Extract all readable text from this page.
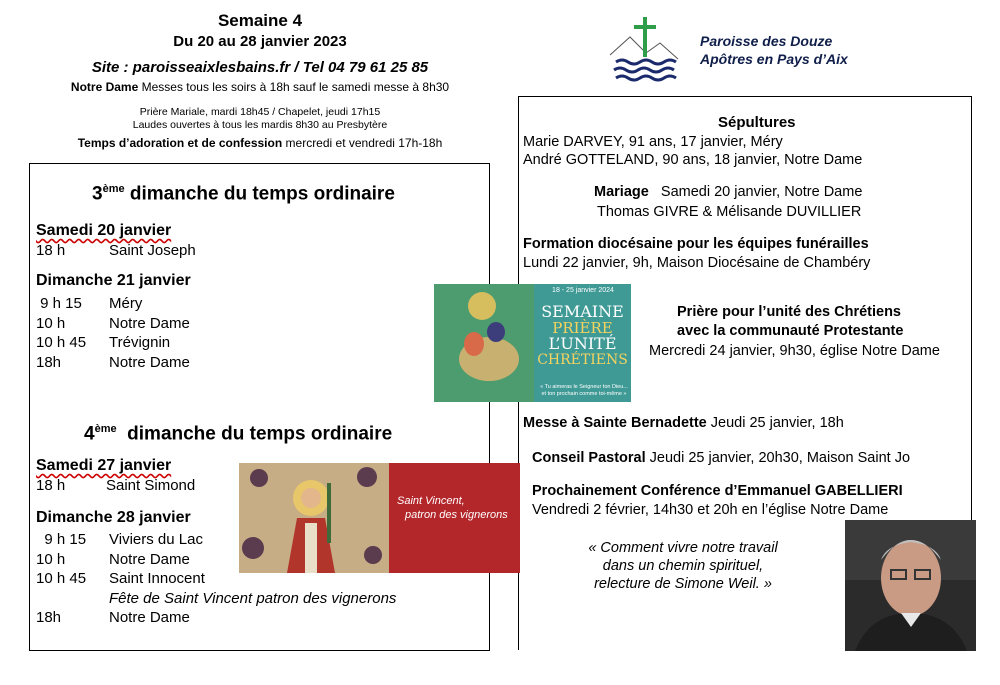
Semaine 4
Du 20 au 28 janvier 2023
Site : paroisseaixlesbains.fr / Tel 04 79 61 25 85
Notre Dame Messes tous les soirs à 18h sauf le samedi messe à 8h30
Prière Mariale, mardi 18h45 / Chapelet, jeudi 17h15
Laudes ouvertes à tous les mardis 8h30 au Presbytère
Temps d’adoration et de confession mercredi et vendredi 17h-18h
Paroisse des Douze
Apôtres en Pays d’Aix
3ème dimanche du temps ordinaire
Samedi 20 janvier
18 h	Saint Joseph
Dimanche 21 janvier
9 h 15 Méry
10 h	Notre Dame
10 h 45 Trévignin
18h	Notre Dame
4ème  dimanche du temps ordinaire
Samedi 27 janvier
18 h	Saint Simond
Dimanche 28 janvier
9 h 15 Viviers du Lac
10 h	Notre Dame
10 h 45 Saint Innocent
Fête de Saint Vincent patron des vignerons
18h	Notre Dame
18 - 25 janvier 2024
SEMAINE
PRIÈRE
L’UNITÉ
CHRÉTIENS
« Tu aimeras le Seigneur ton Dieu... et ton prochain comme toi-même »
Saint Vincent,
patron des vignerons
Sépultures
Marie DARVEY, 91 ans, 17 janvier, Méry
André GOTTELAND, 90 ans, 18 janvier, Notre Dame
Mariage   Samedi 20 janvier, Notre Dame
Thomas GIVRE & Mélisande DUVILLIER
Formation diocésaine pour les équipes funérailles
Lundi 22 janvier, 9h, Maison Diocésaine de Chambéry
Prière pour l’unité des Chrétiens
avec la communauté Protestante
Mercredi 24 janvier, 9h30, église Notre Dame
Messe à Sainte Bernadette Jeudi 25 janvier, 18h
Conseil Pastoral Jeudi 25 janvier, 20h30, Maison Saint Jo
Prochainement Conférence d’Emmanuel GABELLIERI
Vendredi 2 février, 14h30 et 20h en l’église Notre Dame
« Comment vivre notre travail
dans un chemin spirituel,
relecture de Simone Weil. »
